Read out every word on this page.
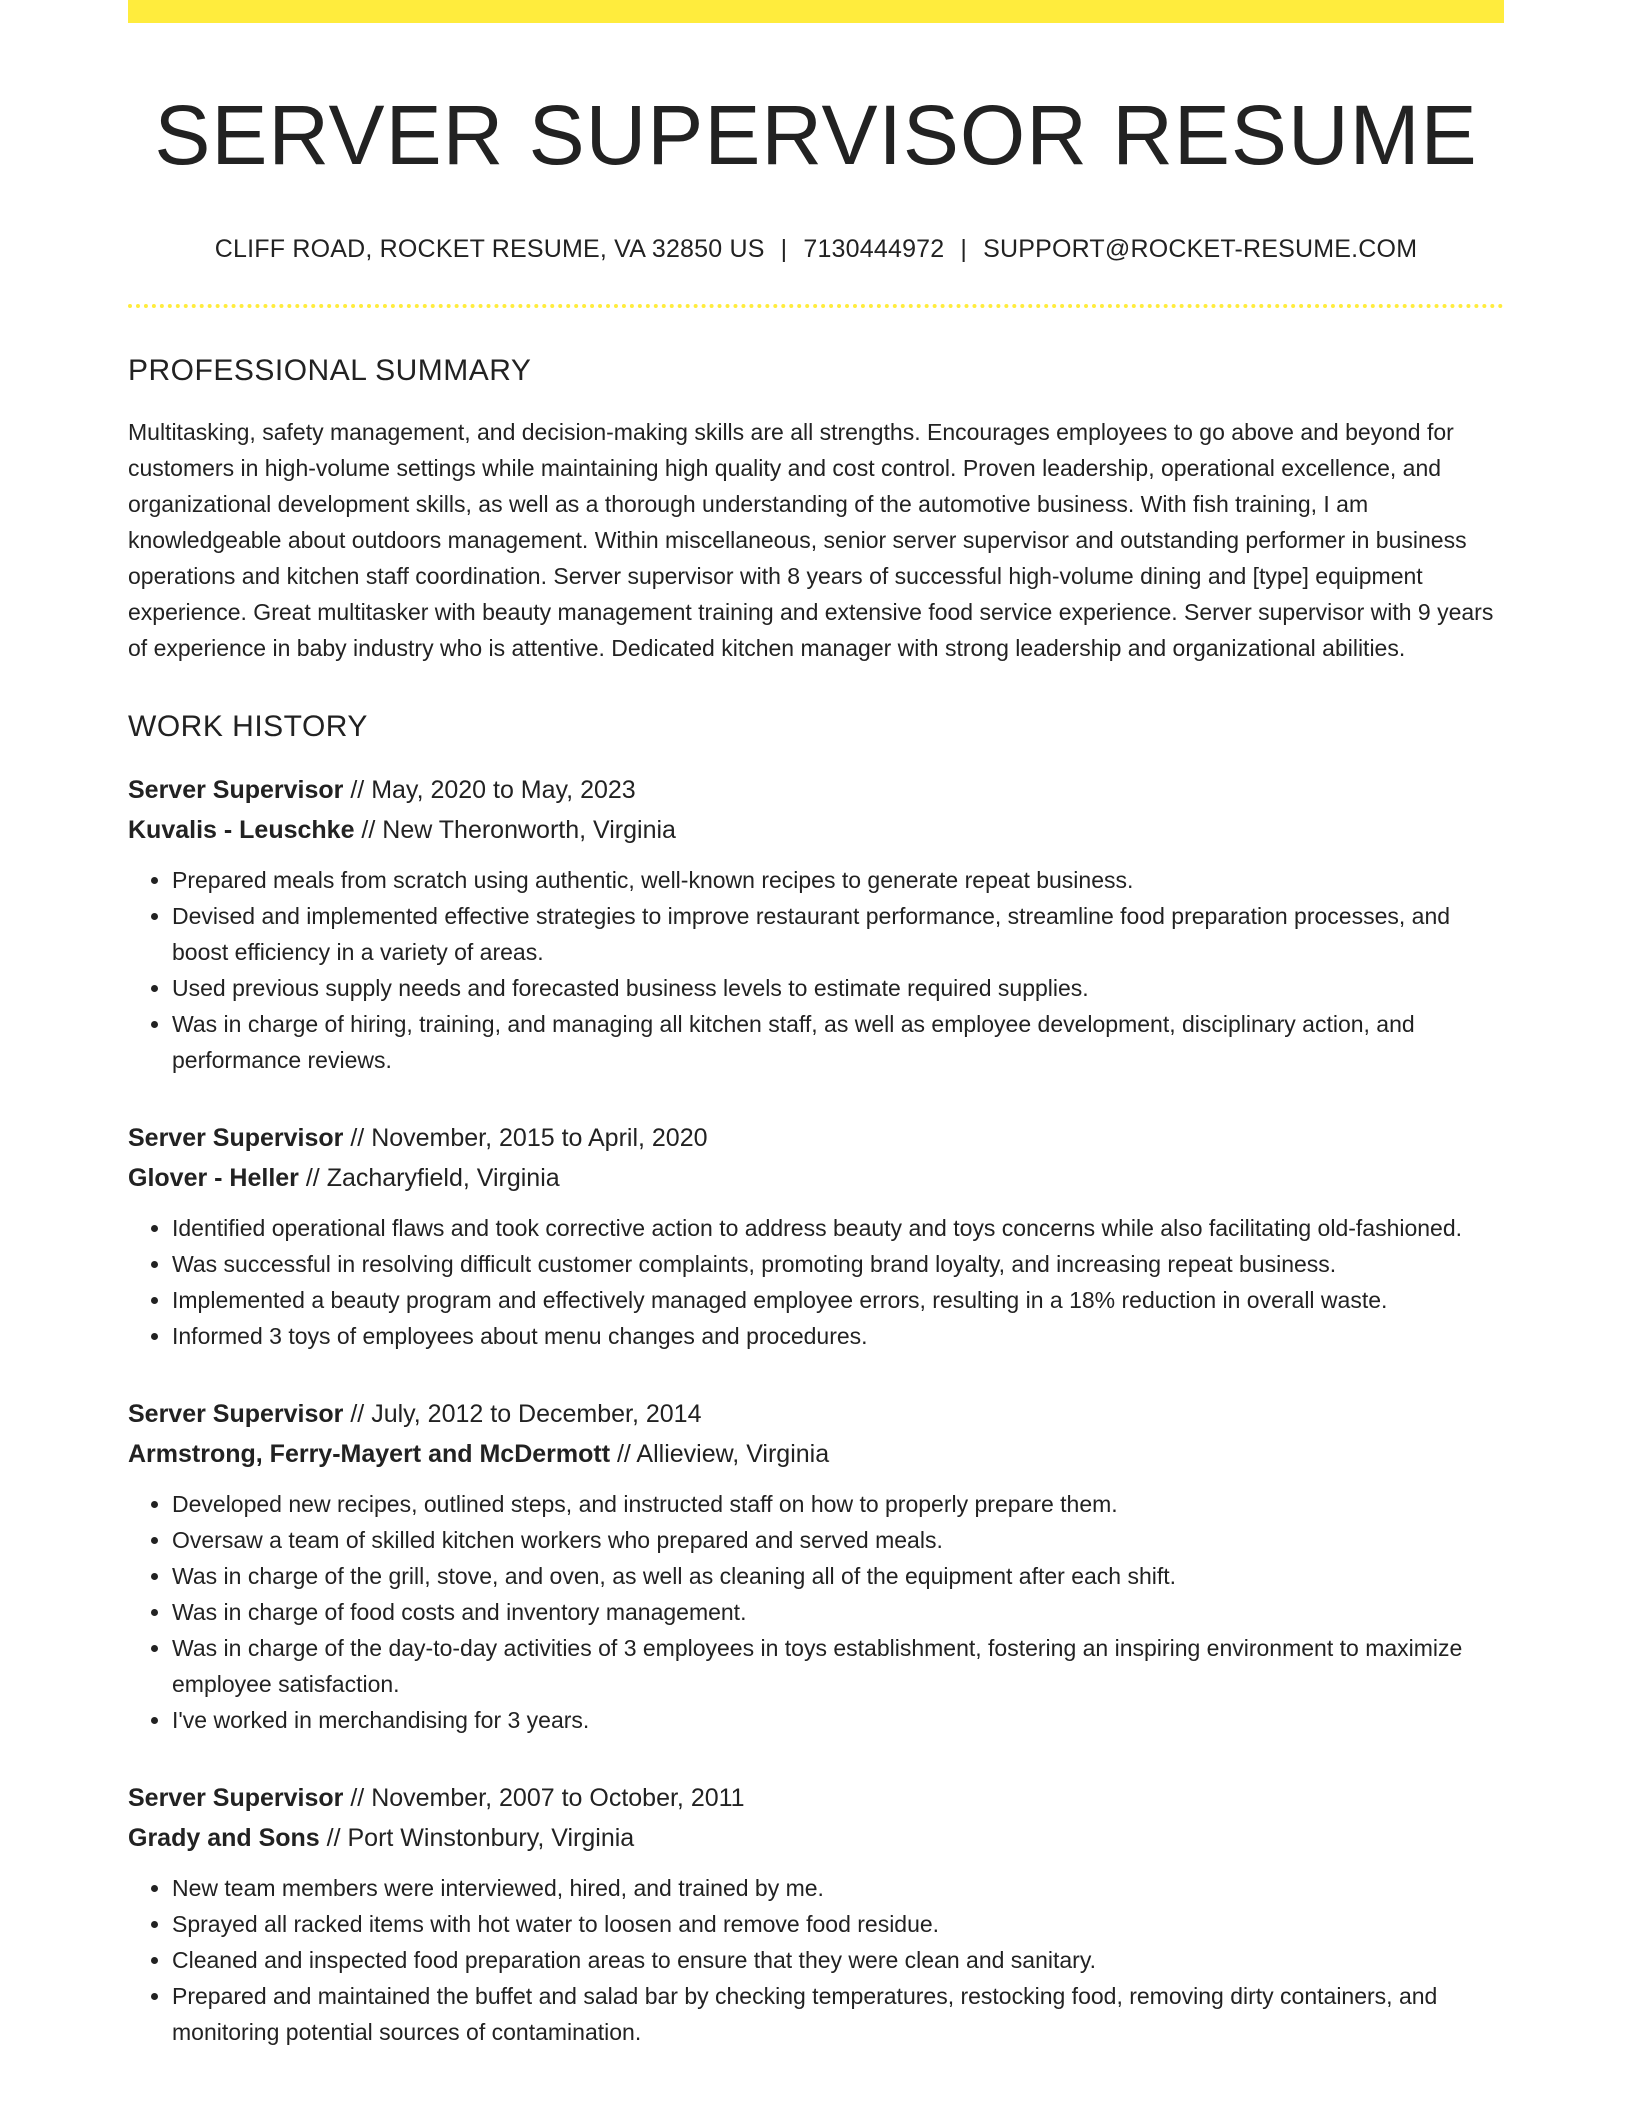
SERVER SUPERVISOR RESUME
CLIFF ROAD, ROCKET RESUME, VA 32850 US | 7130444972 | SUPPORT@ROCKET-RESUME.COM
PROFESSIONAL SUMMARY

Multitasking, safety management, and decision-making skills are all strengths. Encourages employees to go above and beyond for customers in high-volume settings while maintaining high quality and cost control. Proven leadership, operational excellence, and organizational development skills, as well as a thorough understanding of the automotive business. With fish training, I am knowledgeable about outdoors management. Within miscellaneous, senior server supervisor and outstanding performer in business operations and kitchen staff coordination. Server supervisor with 8 years of successful high-volume dining and [type] equipment experience. Great multitasker with beauty management training and extensive food service experience. Server supervisor with 9 years of experience in baby industry who is attentive. Dedicated kitchen manager with strong leadership and organizational abilities.

WORK HISTORY
Server Supervisor // May, 2020 to May, 2023
Kuvalis - Leuschke // New Theronworth, Virginia
• Prepared meals from scratch using authentic, well-known recipes to generate repeat business.
• Devised and implemented effective strategies to improve restaurant performance, streamline food preparation processes, and boost efficiency in a variety of areas.
• Used previous supply needs and forecasted business levels to estimate required supplies.
• Was in charge of hiring, training, and managing all kitchen staff, as well as employee development, disciplinary action, and performance reviews.
Server Supervisor // November, 2015 to April, 2020
Glover - Heller // Zacharyfield, Virginia
• Identified operational flaws and took corrective action to address beauty and toys concerns while also facilitating old-fashioned.
• Was successful in resolving difficult customer complaints, promoting brand loyalty, and increasing repeat business.
• Implemented a beauty program and effectively managed employee errors, resulting in a 18% reduction in overall waste.
• Informed 3 toys of employees about menu changes and procedures.
Server Supervisor // July, 2012 to December, 2014
Armstrong, Ferry-Mayert and McDermott // Allieview, Virginia
• Developed new recipes, outlined steps, and instructed staff on how to properly prepare them.
• Oversaw a team of skilled kitchen workers who prepared and served meals.
• Was in charge of the grill, stove, and oven, as well as cleaning all of the equipment after each shift.
• Was in charge of food costs and inventory management.
• Was in charge of the day-to-day activities of 3 employees in toys establishment, fostering an inspiring environment to maximize employee satisfaction.
• I've worked in merchandising for 3 years.
Server Supervisor // November, 2007 to October, 2011
Grady and Sons // Port Winstonbury, Virginia
• New team members were interviewed, hired, and trained by me.
• Sprayed all racked items with hot water to loosen and remove food residue.
• Cleaned and inspected food preparation areas to ensure that they were clean and sanitary.
• Prepared and maintained the buffet and salad bar by checking temperatures, restocking food, removing dirty containers, and monitoring potential sources of contamination.
